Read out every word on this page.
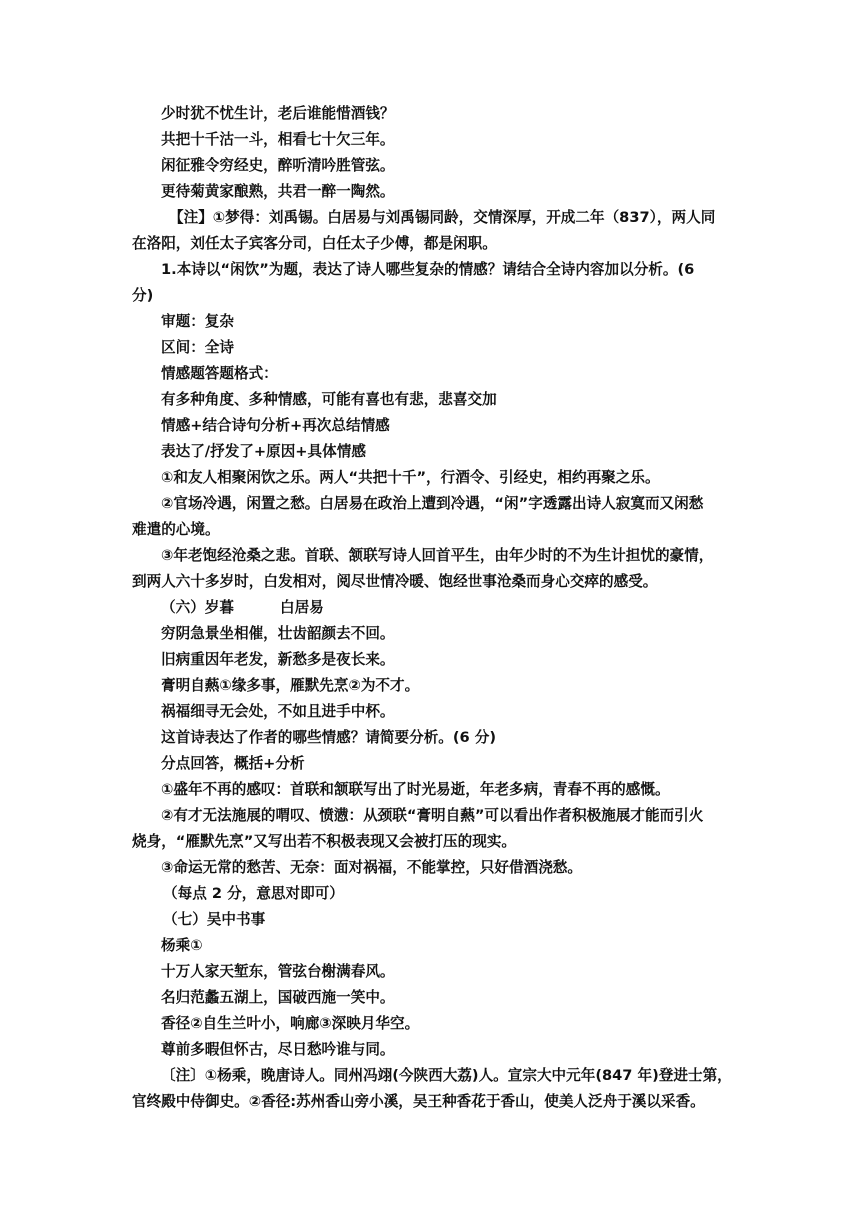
少时犹不忧生计，老后谁能惜酒钱？
共把十千沽一斗，相看七十欠三年。
闲征雅令穷经史，醉听清吟胜管弦。
更待菊黄家酿熟，共君一醉一陶然。
【注】①梦得：刘禹锡。白居易与刘禹锡同龄，交情深厚，开成二年（837），两人同
在洛阳，刘任太子宾客分司，白任太子少傅，都是闲职。
1.本诗以“闲饮”为题，表达了诗人哪些复杂的情感？请结合全诗内容加以分析。(6
分)
审题：复杂
区间：全诗
情感题答题格式：
有多种角度、多种情感，可能有喜也有悲，悲喜交加
情感+结合诗句分析+再次总结情感
表达了/抒发了+原因+具体情感
①和友人相聚闲饮之乐。两人“共把十千”，行酒令、引经史，相约再聚之乐。
②官场冷遇，闲置之愁。白居易在政治上遭到冷遇，“闲”字透露出诗人寂寞而又闲愁
难遣的心境。
③年老饱经沧桑之悲。首联、颔联写诗人回首平生，由年少时的不为生计担忧的豪情，
到两人六十多岁时，白发相对，阅尽世情冷暖、饱经世事沧桑而身心交瘁的感受。
（六）岁暮	白居易
穷阴急景坐相催，壮齿韶颜去不回。
旧病重因年老发，新愁多是夜长来。
膏明自爇①缘多事，雁默先烹②为不才。
祸福细寻无会处，不如且进手中杯。
这首诗表达了作者的哪些情感？请简要分析。(6 分)
分点回答，概括+分析
①盛年不再的感叹：首联和颔联写出了时光易逝，年老多病，青春不再的感慨。
②有才无法施展的喟叹、愤懑：从颈联“膏明自爇”可以看出作者积极施展才能而引火
烧身，“雁默先烹”又写出若不积极表现又会被打压的现实。
③命运无常的愁苦、无奈：面对祸福，不能掌控，只好借酒浇愁。
（每点 2 分，意思对即可）
（七）吴中书事
杨乘①
十万人家天堑东，管弦台榭满春风。
名归范蠡五湖上，国破西施一笑中。
香径②自生兰叶小，响廊③深映月华空。
尊前多暇但怀古，尽日愁吟谁与同。
〔注〕①杨乘，晚唐诗人。同州冯翊(今陕西大荔)人。宣宗大中元年(847 年)登进士第，
官终殿中侍御史。②香径:苏州香山旁小溪，吴王种香花于香山，使美人泛舟于溪以采香。
